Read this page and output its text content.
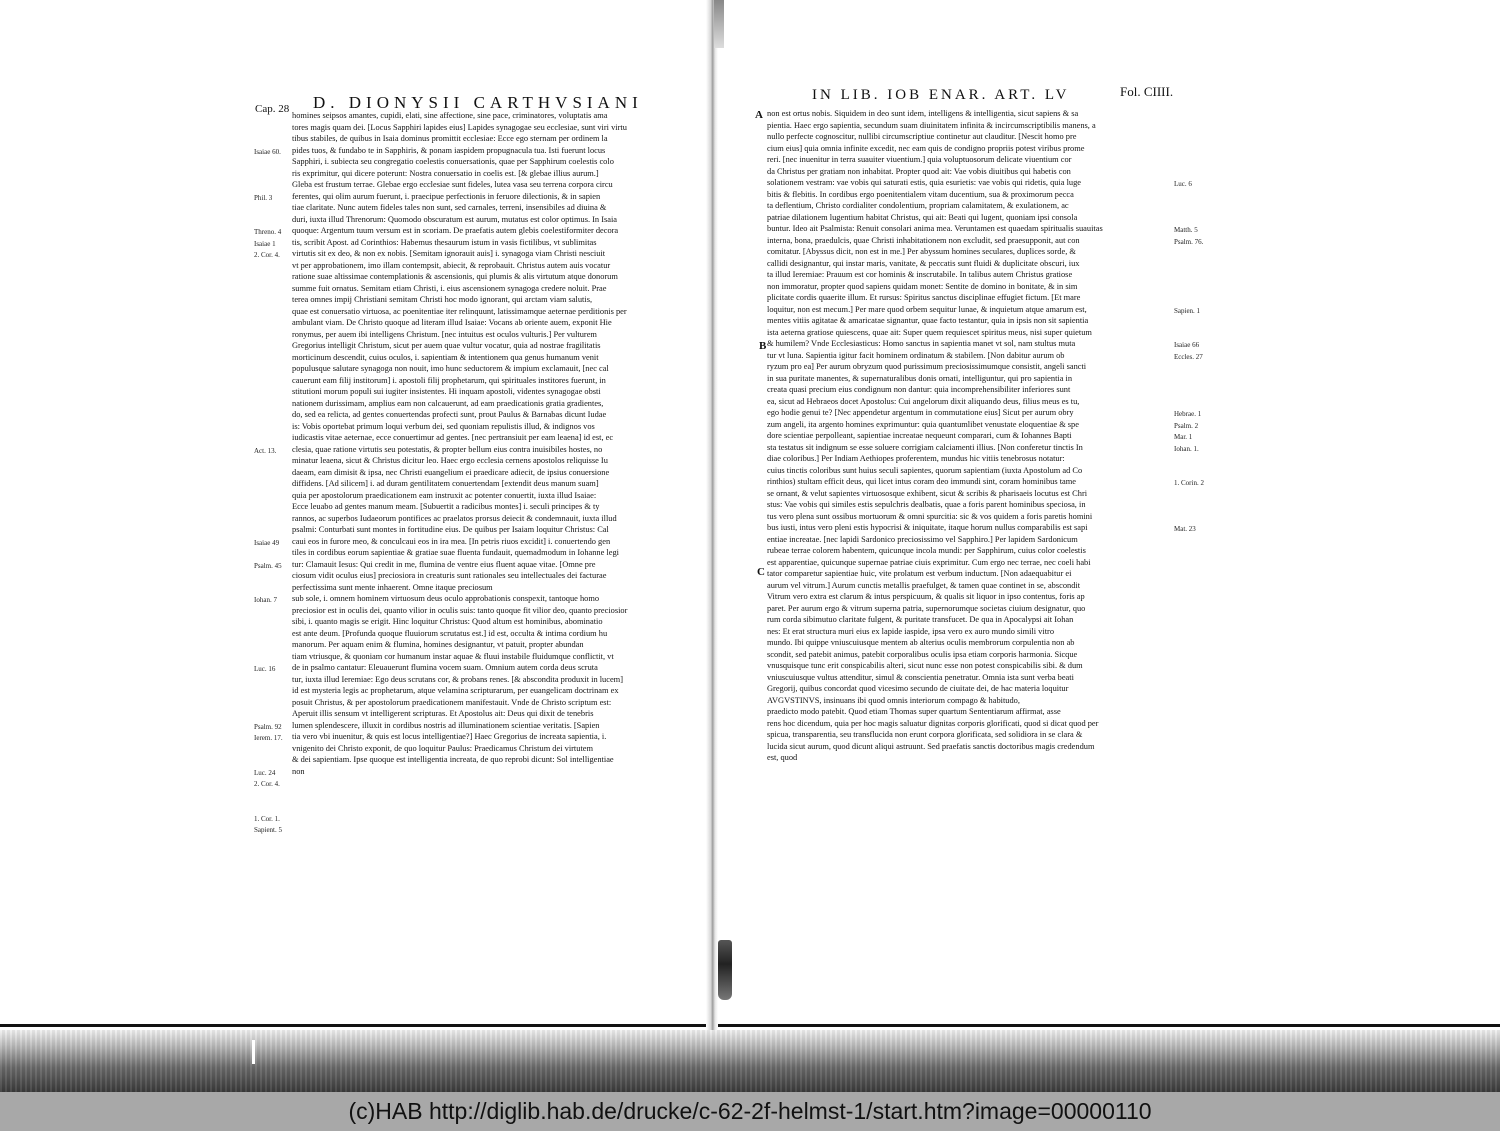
Cap. 28 D. DIONYSII CARTHVSIANI	IN LIB. IOB ENAR. ART. LV	Fol. CIIII.
homines seipsos amantes, cupidi, elati, sine affectione, sine pace, criminatores, voluptatis ama
tores magis quam dei. [Locus Sapphiri lapides eius] Lapides synagogae seu ecclesiae, sunt viri virtu
tibus stabiles, de quibus in Isaia dominus promittit ecclesiae: Ecce ego sternam per ordinem la
pides tuos, & fundabo te in Sapphiris, & ponam iaspidem propugnacula tua. Isti fuerunt locus
Sapphiri, i. subiecta seu congregatio coelestis conuersationis, quae per Sapphirum coelestis colo
ris exprimitur, qui dicere poterunt: Nostra conuersatio in coelis est. [& glebae illius aurum.]
Gleba est frustum terrae. Glebae ergo ecclesiae sunt fideles, lutea vasa seu terrena corpora circu
ferentes, qui olim aurum fuerunt, i. praecipue perfectionis in feruore dilectionis, & in sapien
tiae claritate. Nunc autem fideles tales non sunt, sed carnales, terreni, insensibiles ad diuina &
duri, iuxta illud Threnorum: Quomodo obscuratum est aurum, mutatus est color optimus. In Isaia
quoque: Argentum tuum versum est in scoriam. De praefatis autem glebis coelestiformiter decora
tis, scribit Apost. ad Corinthios: Habemus thesaurum istum in vasis fictilibus, vt sublimitas
virtutis sit ex deo, & non ex nobis. [Semitam ignorauit auis] i. synagoga viam Christi nesciuit
vt per approbationem, imo illam contempsit, abiecit, & reprobauit. Christus autem auis vocatur
ratione suae altissimae contemplationis & ascensionis, qui plumis & alis virtutum atque donorum
summe fuit ornatus. Semitam etiam Christi, i. eius ascensionem synagoga credere noluit. Prae
terea omnes impij Christiani semitam Christi hoc modo ignorant, qui arctam viam salutis,
quae est conuersatio virtuosa, ac poenitentiae iter relinquunt, latissimamque aeternae perditionis per
ambulant viam. De Christo quoque ad literam illud Isaiae: Vocans ab oriente auem, exponit Hie
ronymus, per auem ibi intelligens Christum. [nec intuitus est oculos vulturis.] Per vulturem
Gregorius intelligit Christum, sicut per auem quae vultur vocatur, quia ad nostrae fragilitatis
morticinum descendit, cuius oculos, i. sapientiam & intentionem qua genus humanum venit
populusque salutare synagoga non nouit, imo hunc seductorem & impium exclamauit, [nec cal
cauerunt eam filij institorum] i. apostoli filij prophetarum, qui spirituales institores fuerunt, in
stitutioni morum populi sui iugiter insistentes. Hi inquam apostoli, videntes synagogae obsti
nationem durissimam, amplius eam non calcauerunt, ad eam praedicationis gratia gradientes,
do, sed ea relicta, ad gentes conuertendas profecti sunt, prout Paulus & Barnabas dicunt Iudae
is: Vobis oportebat primum loqui verbum dei, sed quoniam repulistis illud, & indignos vos
iudicastis vitae aeternae, ecce conuertimur ad gentes. [nec pertransiuit per eam leaena] id est, ec
clesia, quae ratione virtutis seu potestatis, & propter bellum eius contra inuisibiles hostes, no
minatur leaena, sicut & Christus dicitur leo. Haec ergo ecclesia cernens apostolos reliquisse Iu
daeam, eam dimisit & ipsa, nec Christi euangelium ei praedicare adiecit, de ipsius conuersione
diffidens. [Ad silicem] i. ad duram gentilitatem conuertendam [extendit deus manum suam]
quia per apostolorum praedicationem eam instruxit ac potenter conuertit, iuxta illud Isaiae:
Ecce leuabo ad gentes manum meam. [Subuertit a radicibus montes] i. seculi principes & ty
rannos, ac superbos Iudaeorum pontifices ac praelatos prorsus deiecit & condemnauit, iuxta illud
psalmi: Conturbati sunt montes in fortitudine eius. De quibus per Isaiam loquitur Christus: Cal
caui eos in furore meo, & conculcaui eos in ira mea. [In petris riuos excidit] i. conuertendo gen
tiles in cordibus eorum sapientiae & gratiae suae fluenta fundauit, quemadmodum in Iohanne legi
tur: Clamauit Iesus: Qui credit in me, flumina de ventre eius fluent aquae vitae. [Omne pre
ciosum vidit oculus eius] preciosiora in creaturis sunt rationales seu intellectuales dei facturae
perfectissima sunt mente inhaerent. Omne itaque preciosum
sub sole, i. omnem hominem virtuosum deus oculo approbationis conspexit, tantoque homo
preciosior est in oculis dei, quanto vilior in oculis suis: tanto quoque fit vilior deo, quanto preciosior
sibi, i. quanto magis se erigit. Hinc loquitur Christus: Quod altum est hominibus, abominatio
est ante deum. [Profunda quoque fluuiorum scrutatus est.] id est, occulta & intima cordium hu
manorum. Per aquam enim & flumina, homines designantur, vt patuit, propter abundan
tiam vtriusque, & quoniam cor humanum instar aquae & fluui instabile fluidumque conflictit, vt
de in psalmo cantatur: Eleuauerunt flumina vocem suam. Omnium autem corda deus scruta
tur, iuxta illud Ieremiae: Ego deus scrutans cor, & probans renes. [& abscondita produxit in lucem]
id est mysteria legis ac prophetarum, atque velamina scripturarum, per euangelicam doctrinam ex
posuit Christus, & per apostolorum praedicationem manifestauit. Vnde de Christo scriptum est:
Aperuit illis sensum vt intelligerent scripturas. Et Apostolus ait: Deus qui dixit de tenebris
lumen splendescere, illuxit in cordibus nostris ad illuminationem scientiae veritatis. [Sapien
tia vero vbi inuenitur, & quis est locus intelligentiae?] Haec Gregorius de increata sapientia, i.
vnigenito dei Christo exponit, de quo loquitur Paulus: Praedicamus Christum dei virtutem
& dei sapientiam. Ipse quoque est intelligentia increata, de quo reprobi dicunt: Sol intelligentiae
non
non est ortus nobis. Siquidem in deo sunt idem, intelligens & intelligentia, sicut sapiens & sa
pientia. Haec ergo sapientia, secundum suam diuinitatem infinita & incircumscriptibilis manens, a
nullo perfecte cognoscitur, nullibi circumscriptiue continetur aut clauditur. [Nescit homo pre
cium eius] quia omnia infinite excedit, nec eam quis de condigno propriis potest viribus prome
reri. [nec inuenitur in terra suauiter viuentium.] quia voluptuosorum delicate viuentium cor
da Christus per gratiam non inhabitat. Propter quod ait: Vae vobis diuitibus qui habetis con
solationem vestram: vae vobis qui saturati estis, quia esurietis: vae vobis qui ridetis, quia luge
bitis & flebitis. In cordibus ergo poenitentialem vitam ducentium, sua & proximorum pecca
ta deflentium, Christo cordialiter condolentium, propriam calamitatem, & exulationem, ac
patriae dilationem lugentium habitat Christus, qui ait: Beati qui lugent, quoniam ipsi consola
buntur. Ideo ait Psalmista: Renuit consolari anima mea. Veruntamen est quaedam spiritualis suauitas
interna, bona, praedulcis, quae Christi inhabitationem non excludit, sed praesupponit, aut con
comitatur. [Abyssus dicit, non est in me.] Per abyssum homines seculares, duplices sorde, &
callidi designantur, qui instar maris, vanitate, & peccatis sunt fluidi & duplicitate obscuri, iux
ta illud Ieremiae: Prauum est cor hominis & inscrutabile. In talibus autem Christus gratiose
non immoratur, propter quod sapiens quidam monet: Sentite de domino in bonitate, & in sim
plicitate cordis quaerite illum. Et rursus: Spiritus sanctus disciplinae effugiet fictum. [Et mare
loquitur, non est mecum.] Per mare quod orbem sequitur lunae, & inquietum atque amarum est,
mentes vitiis agitatae & amaricatae signantur, quae facto testantur, quia in ipsis non sit sapientia
ista aeterna gratiose quiescens, quae ait: Super quem requiescet spiritus meus, nisi super quietum
& humilem? Vnde Ecclesiasticus: Homo sanctus in sapientia manet vt sol, nam stultus muta
tur vt luna. Sapientia igitur facit hominem ordinatum & stabilem. [Non dabitur aurum ob
ryzum pro ea] Per aurum obryzum quod purissimum preciosissimumque consistit, angeli sancti
in sua puritate manentes, & supernaturalibus donis ornati, intelliguntur, qui pro sapientia in
creata quasi precium eius condignum non dantur: quia incomprehensibiliter inferiores sunt
ea, sicut ad Hebraeos docet Apostolus: Cui angelorum dixit aliquando deus, filius meus es tu,
ego hodie genui te? [Nec appendetur argentum in commutatione eius] Sicut per aurum obry
zum angeli, ita argento homines exprimuntur: quia quantumlibet venustate eloquentiae & spe
dore scientiae perpolleant, sapientiae increatae nequeunt comparari, cum & Iohannes Bapti
sta testatus sit indignum se esse soluere corrigiam calciamenti illius. [Non conferetur tinctis In
diae coloribus.] Per Indiam Aethiopes proferentem, mundus hic vitiis tenebrosus notatur:
cuius tinctis coloribus sunt huius seculi sapientes, quorum sapientiam (iuxta Apostolum ad Co
rinthios) stultam efficit deus, qui licet intus coram deo immundi sint, coram hominibus tame
se ornant, & velut sapientes virtuososque exhibent, sicut & scribis & pharisaeis locutus est Chri
stus: Vae vobis qui similes estis sepulchris dealbatis, quae a foris parent hominibus speciosa, in
tus vero plena sunt ossibus mortuorum & omni spurcitia: sic & vos quidem a foris paretis homini
bus iusti, intus vero pleni estis hypocrisi & iniquitate, itaque horum nullus comparabilis est sapi
entiae increatae. [nec lapidi Sardonico preciosissimo vel Sapphiro.] Per lapidem Sardonicum
rubeae terrae colorem habentem, quicunque incola mundi: per Sapphirum, cuius color coelestis
est apparentiae, quicunque supernae patriae ciuis exprimitur. Cum ergo nec terrae, nec coeli habi
tator comparetur sapientiae huic, vite prolatum est verbum inductum. [Non adaequabitur ei
aurum vel vitrum.] Aurum cunctis metallis praefulget, & tamen quae continet in se, abscondit
Vitrum vero extra est clarum & intus perspicuum, & qualis sit liquor in ipso contentus, foris ap
paret. Per aurum ergo & vitrum superna patria, supernorumque societas ciuium designatur, quo
rum corda sibimutuo claritate fulgent, & puritate transfucet. De qua in Apocalypsi ait Iohan
nes: Et erat structura muri eius ex lapide iaspide, ipsa vero ex auro mundo simili vitro
mundo. Ibi quippe vniuscuiusque mentem ab alterius oculis membrorum corpulentia non ab
scondit, sed patebit animus, patebit corporalibus oculis ipsa etiam corporis harmonia. Sicque
vnusquisque tunc erit conspicabilis alteri, sicut nunc esse non potest conspicabilis sibi. & dum
vniuscuiusque vultus attenditur, simul & conscientia penetratur. Omnia ista sunt verba beati
Gregorij, quibus concordat quod vicesimo secundo de ciuitate dei, de hac materia loquitur
AVGVSTINVS, insinuans ibi quod omnis interiorum compago & habitudo,
praedicto modo patebit. Quod etiam Thomas super quartum Sententiarum affirmat, asse
rens hoc dicendum, quia per hoc magis saluatur dignitas corporis glorificati, quod si dicat quod per
spicua, transparentia, seu transflucida non erunt corpora glorificata, sed solidiora in se clara &
lucida sicut aurum, quod dicunt aliqui astruunt. Sed praefatis sanctis doctoribus magis credendum
est, quod
Isaiae 60.
Phil. 3
Threno. 4
Isaiae 1
2. Cor. 4.
Act. 13.
Isaiae 49
Psalm. 45
Iohan. 7
Luc. 16
Psalm. 92
Ierem. 17.
Luc. 24
2. Cor. 4.
1. Cor. 1.
Sapient. 5
Luc. 6
Matth. 5
Psalm. 76.
Sapien. 1
Isaiae 66
Eccles. 27
Hebrae. 1
Psalm. 2
Mar. 1
Iohan. 1.
1. Corin. 2
Mat. 23
A
B
C
(c)HAB http://diglib.hab.de/drucke/c-62-2f-helmst-1/start.htm?image=00000110
